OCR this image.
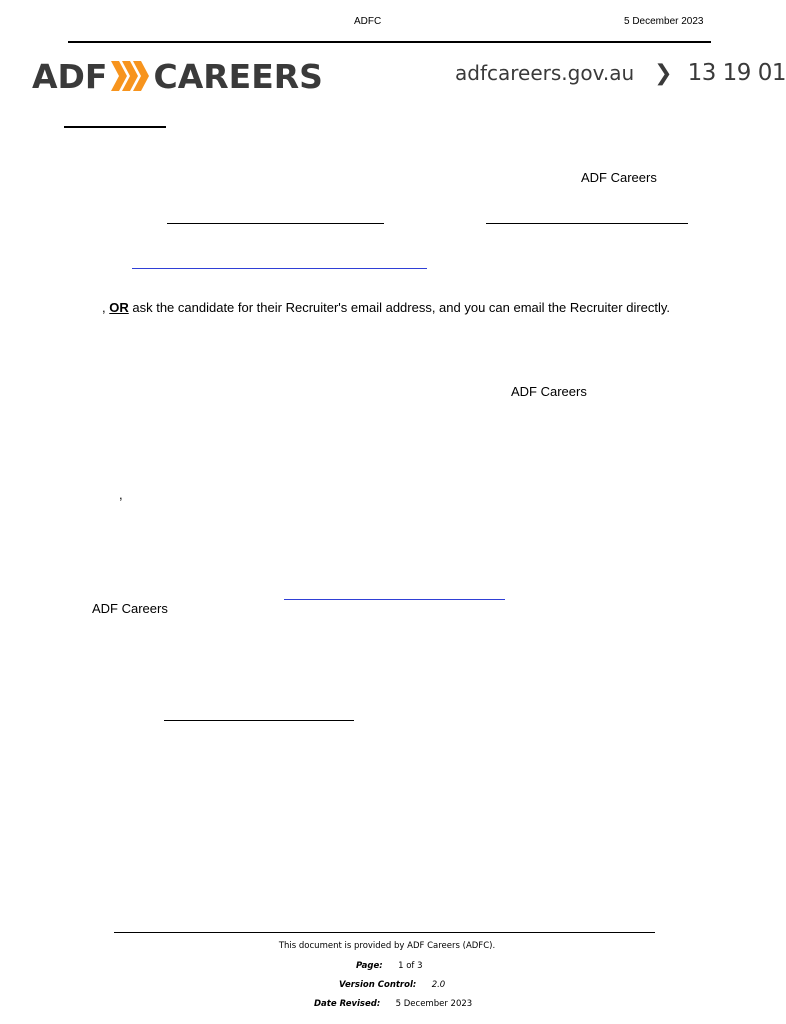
ADFC	5 December 2023
ADF CAREERS	adfcareers.gov.au ❯ 13 19 01
ADF Careers
, OR ask the candidate for their Recruiter's email address, and you can email the Recruiter directly.
ADF Careers
,
ADF Careers
This document is provided by ADF Careers (ADFC).
Page: 1 of 3
Version Control: 2.0
Date Revised: 5 December 2023
